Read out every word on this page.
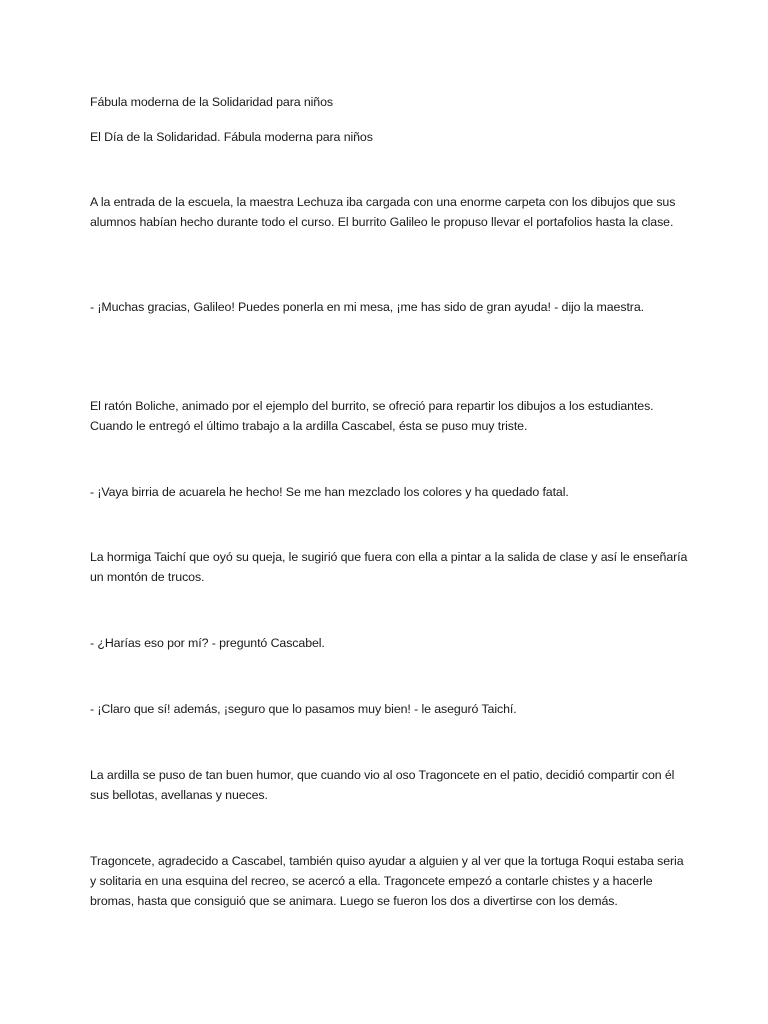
Fábula moderna de la Solidaridad para niños

El Día de la Solidaridad. Fábula moderna para niños

A la entrada de la escuela, la maestra Lechuza iba cargada con una enorme carpeta con los dibujos que sus alumnos habían hecho durante todo el curso. El burrito Galileo le propuso llevar el portafolios hasta la clase.

- ¡Muchas gracias, Galileo! Puedes ponerla en mi mesa, ¡me has sido de gran ayuda! - dijo la maestra.

El ratón Boliche, animado por el ejemplo del burrito, se ofreció para repartir los dibujos a los estudiantes. Cuando le entregó el último trabajo a la ardilla Cascabel, ésta se puso muy triste.

- ¡Vaya birria de acuarela he hecho! Se me han mezclado los colores y ha quedado fatal.

La hormiga Taichí que oyó su queja, le sugirió que fuera con ella a pintar a la salida de clase y así le enseñaría un montón de trucos.

- ¿Harías eso por mí? - preguntó Cascabel.

- ¡Claro que sí! además, ¡seguro que lo pasamos muy bien! - le aseguró Taichí.

La ardilla se puso de tan buen humor, que cuando vio al oso Tragoncete en el patio, decidió compartir con él sus bellotas, avellanas y nueces.

Tragoncete, agradecido a Cascabel, también quiso ayudar a alguien y al ver que la tortuga Roqui estaba seria y solitaria en una esquina del recreo, se acercó a ella. Tragoncete empezó a contarle chistes y a hacerle bromas, hasta que consiguió que se animara. Luego se fueron los dos a divertirse con los demás.
